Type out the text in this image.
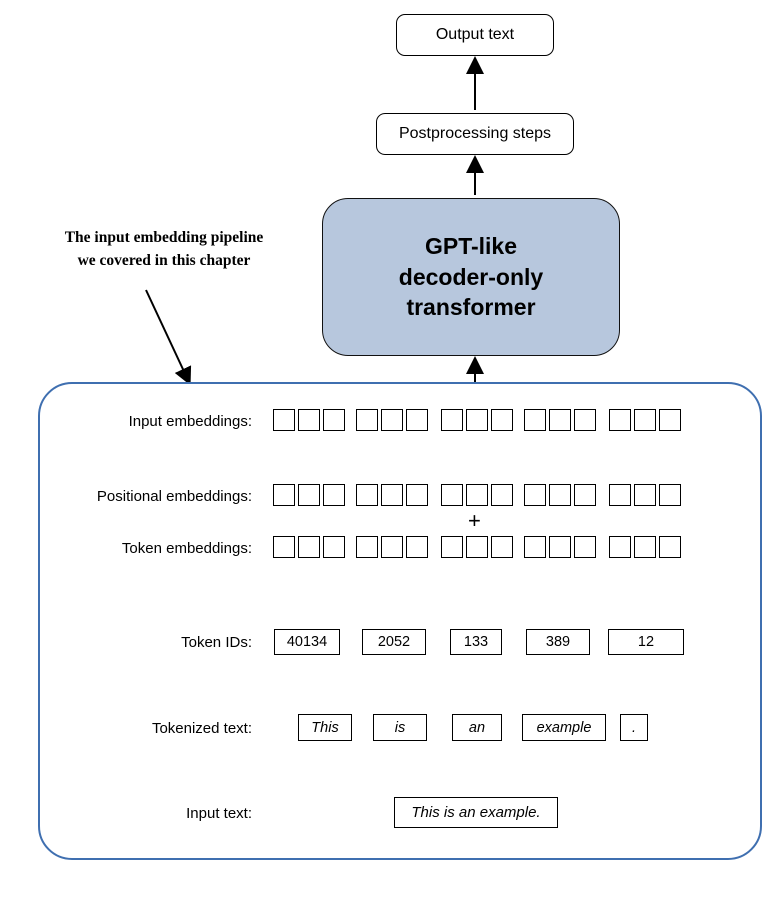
Output text
Postprocessing steps
GPT-like
decoder-only
transformer
The input embedding pipeline
we covered in this chapter
Input embeddings:
Positional embeddings:
Token embeddings:
Token IDs:
Tokenized text:
Input text:
+
40134	2052	133	389	12
This	is	an	example	.
This is an example.
